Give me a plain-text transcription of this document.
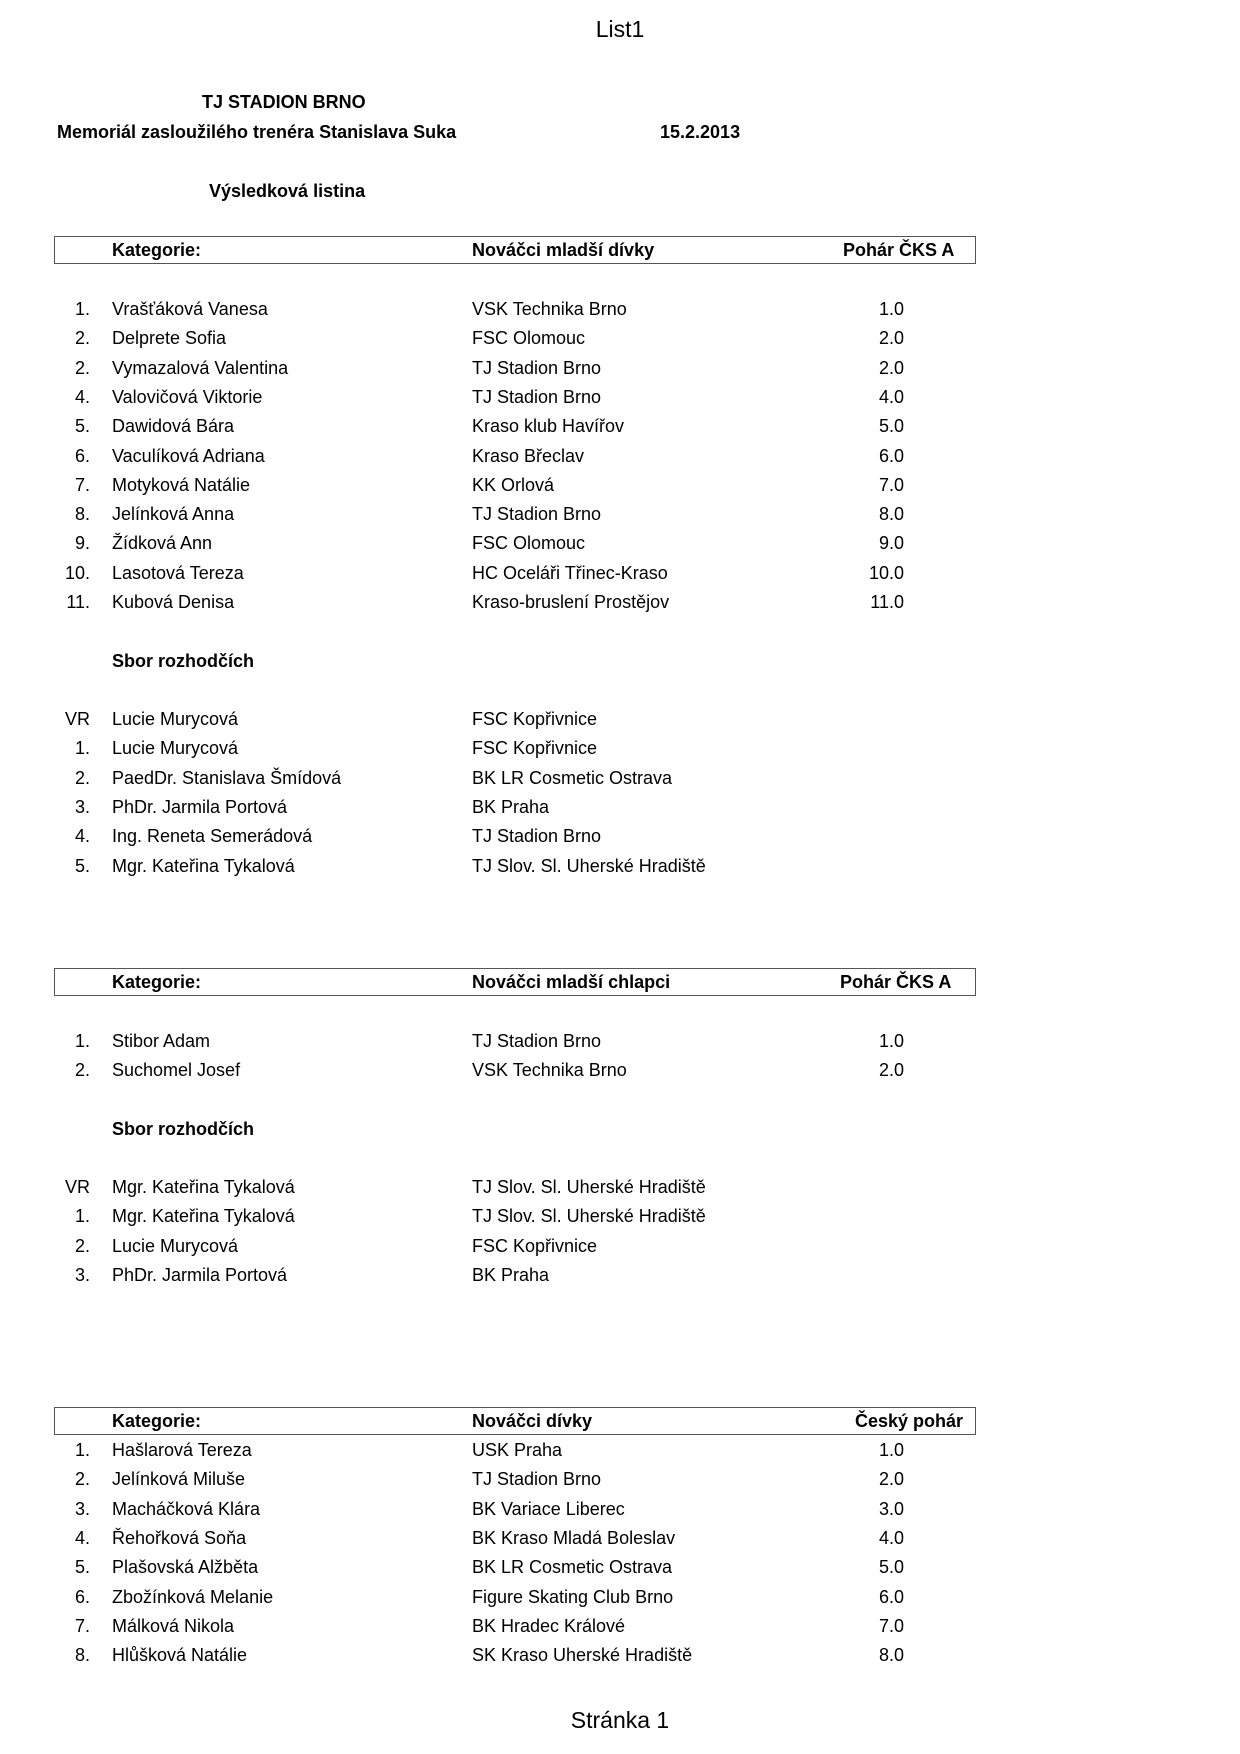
List1
TJ STADION BRNO
Memoriál zasloužilého trenéra Stanislava Suka	15.2.2013
Výsledková listina
Kategorie:	Nováčci mladší dívky	Pohár ČKS A
1. Vrašťáková Vanesa	VSK Technika Brno	1.0
2. Delprete Sofia	FSC Olomouc	2.0
2. Vymazalová Valentina	TJ Stadion Brno	2.0
4. Valovičová Viktorie	TJ Stadion Brno	4.0
5. Dawidová Bára	Kraso klub Havířov	5.0
6. Vaculíková Adriana	Kraso Břeclav	6.0
7. Motyková Natálie	KK Orlová	7.0
8. Jelínková Anna	TJ Stadion Brno	8.0
9. Žídková Ann	FSC Olomouc	9.0
10. Lasotová Tereza	HC Oceláři Třinec-Kraso	10.0
11. Kubová Denisa	Kraso-bruslení Prostějov	11.0
Sbor rozhodčích
VR Lucie Murycová	FSC Kopřivnice
1. Lucie Murycová	FSC Kopřivnice
2. PaedDr. Stanislava Šmídová	BK LR Cosmetic Ostrava
3. PhDr. Jarmila Portová	BK Praha
4. Ing. Reneta Semerádová	TJ Stadion Brno
5. Mgr. Kateřina Tykalová	TJ Slov. Sl. Uherské Hradiště
Kategorie:	Nováčci mladší chlapci	Pohár ČKS A
1. Stibor Adam	TJ Stadion Brno	1.0
2. Suchomel Josef	VSK Technika Brno	2.0
Sbor rozhodčích
VR Mgr. Kateřina Tykalová	TJ Slov. Sl. Uherské Hradiště
1. Mgr. Kateřina Tykalová	TJ Slov. Sl. Uherské Hradiště
2. Lucie Murycová	FSC Kopřivnice
3. PhDr. Jarmila Portová	BK Praha
Kategorie:	Nováčci dívky	Český pohár
1. Hašlarová Tereza	USK Praha	1.0
2. Jelínková Miluše	TJ Stadion Brno	2.0
3. Macháčková Klára	BK Variace Liberec	3.0
4. Řehořková Soňa	BK Kraso Mladá Boleslav	4.0
5. Plašovská Alžběta	BK LR Cosmetic Ostrava	5.0
6. Zbožínková Melanie	Figure Skating Club Brno	6.0
7. Málková Nikola	BK Hradec Králové	7.0
8. Hlůšková Natálie	SK Kraso Uherské Hradiště	8.0
Stránka 1
